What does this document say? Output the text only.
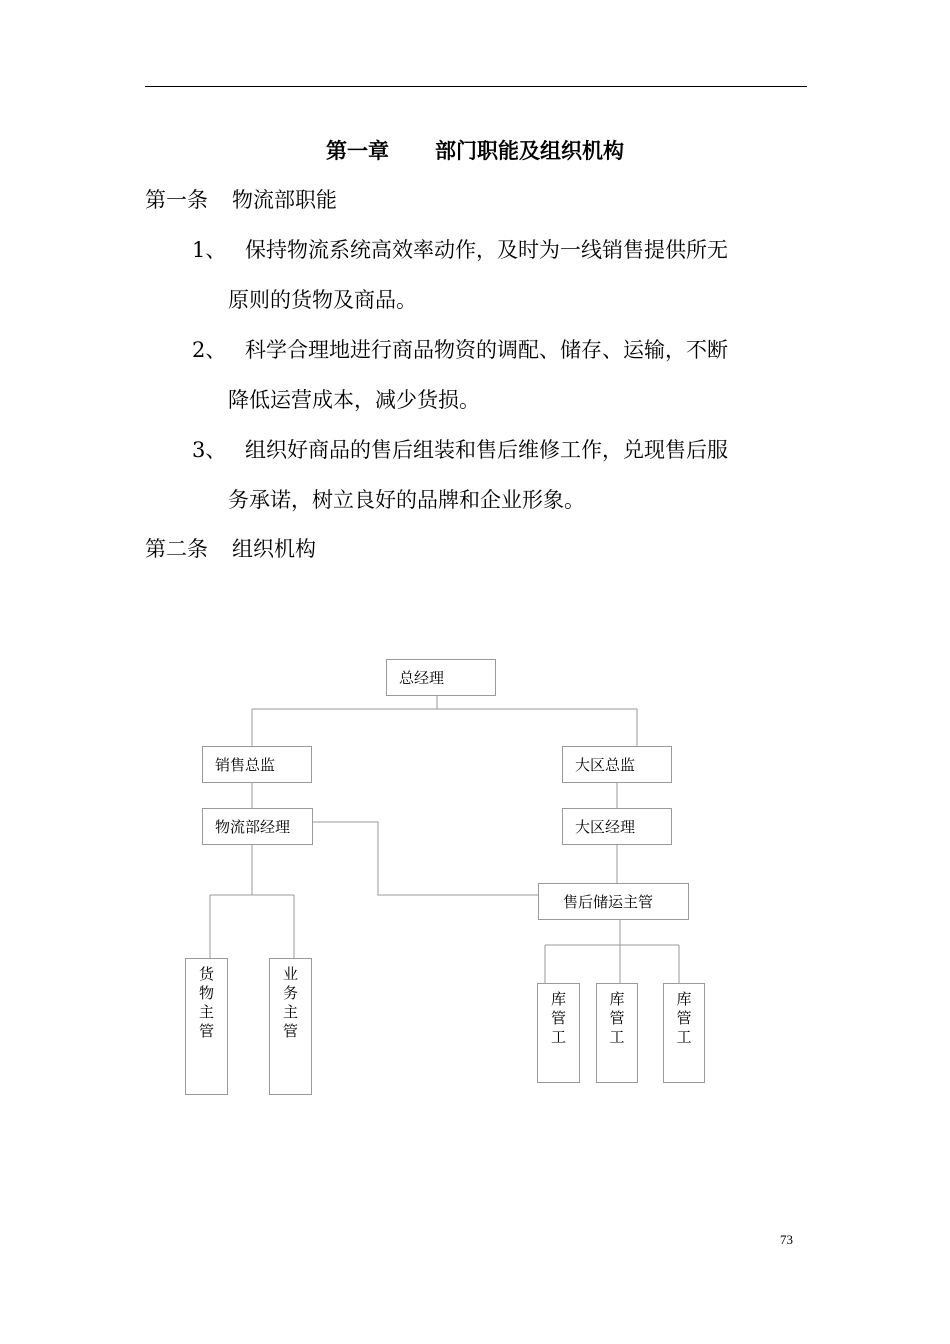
第一章 部门职能及组织机构
第一条 物流部职能
1、 保持物流系统高效率动作，及时为一线销售提供所无
原则的货物及商品。
2、 科学合理地进行商品物资的调配、储存、运输，不断
降低运营成本，减少货损。
3、 组织好商品的售后组装和售后维修工作，兑现售后服
务承诺，树立良好的品牌和企业形象。
第二条 组织机构
总经理
销售总监	大区总监
物流部经理	大区经理
售后储运主管
货物主管
业务主管
库管工
库管工
库管工
73
